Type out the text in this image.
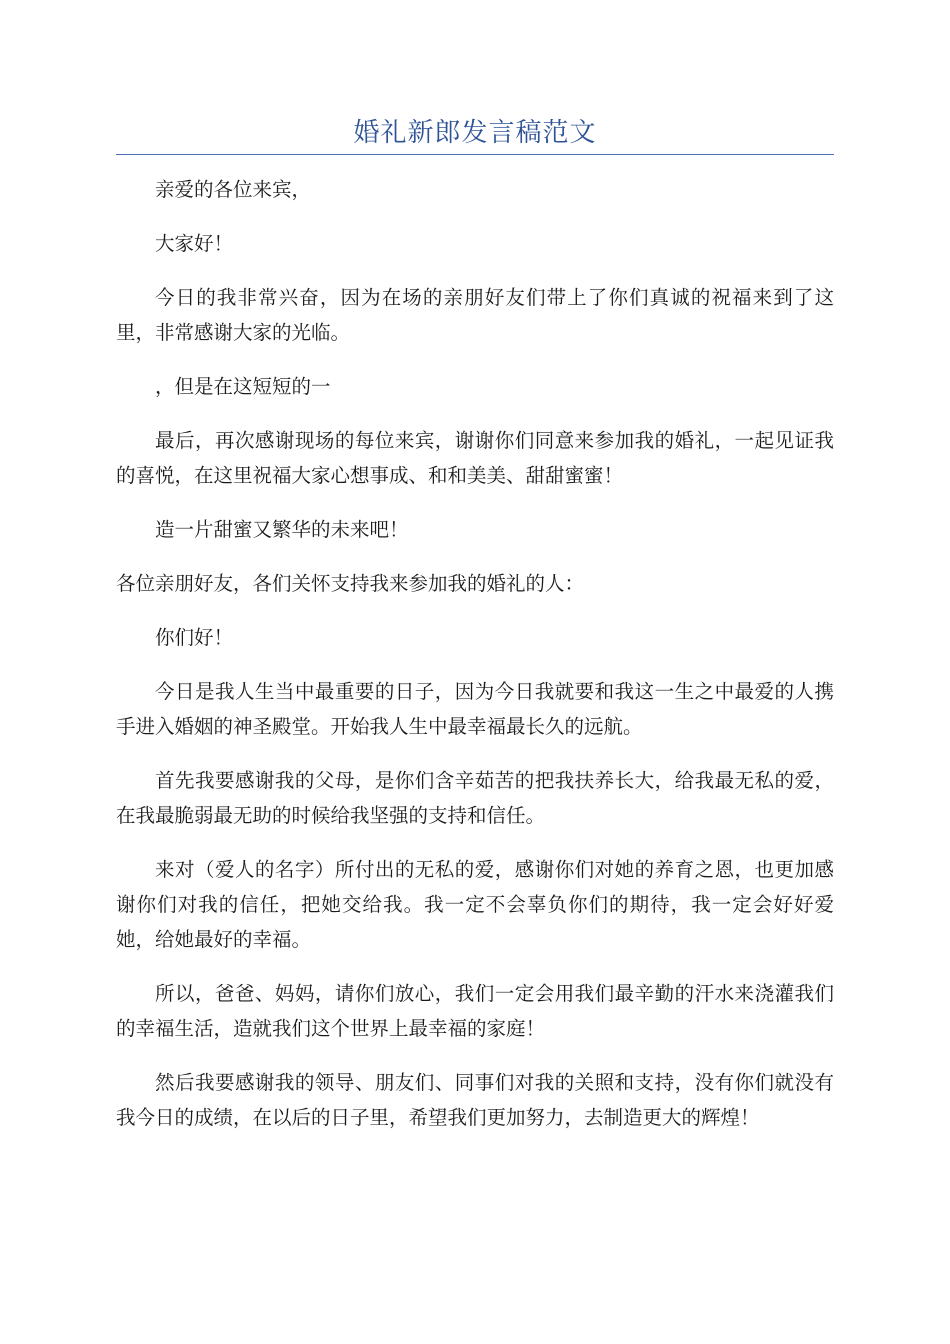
婚礼新郎发言稿范文

亲爱的各位来宾，

大家好！

今日的我非常兴奋，因为在场的亲朋好友们带上了你们真诚的祝福来到了这里，非常感谢大家的光临。

，但是在这短短的一

最后，再次感谢现场的每位来宾，谢谢你们同意来参加我的婚礼，一起见证我的喜悦，在这里祝福大家心想事成、和和美美、甜甜蜜蜜！

造一片甜蜜又繁华的未来吧！

各位亲朋好友，各们关怀支持我来参加我的婚礼的人：

你们好！

今日是我人生当中最重要的日子，因为今日我就要和我这一生之中最爱的人携手进入婚姻的神圣殿堂。开始我人生中最幸福最长久的远航。

首先我要感谢我的父母，是你们含辛茹苦的把我扶养长大，给我最无私的爱，在我最脆弱最无助的时候给我坚强的支持和信任。

来对（爱人的名字）所付出的无私的爱，感谢你们对她的养育之恩，也更加感谢你们对我的信任，把她交给我。我一定不会辜负你们的期待，我一定会好好爱她，给她最好的幸福。

所以，爸爸、妈妈，请你们放心，我们一定会用我们最辛勤的汗水来浇灌我们的幸福生活，造就我们这个世界上最幸福的家庭！

然后我要感谢我的领导、朋友们、同事们对我的关照和支持，没有你们就没有我今日的成绩，在以后的日子里，希望我们更加努力，去制造更大的辉煌！
